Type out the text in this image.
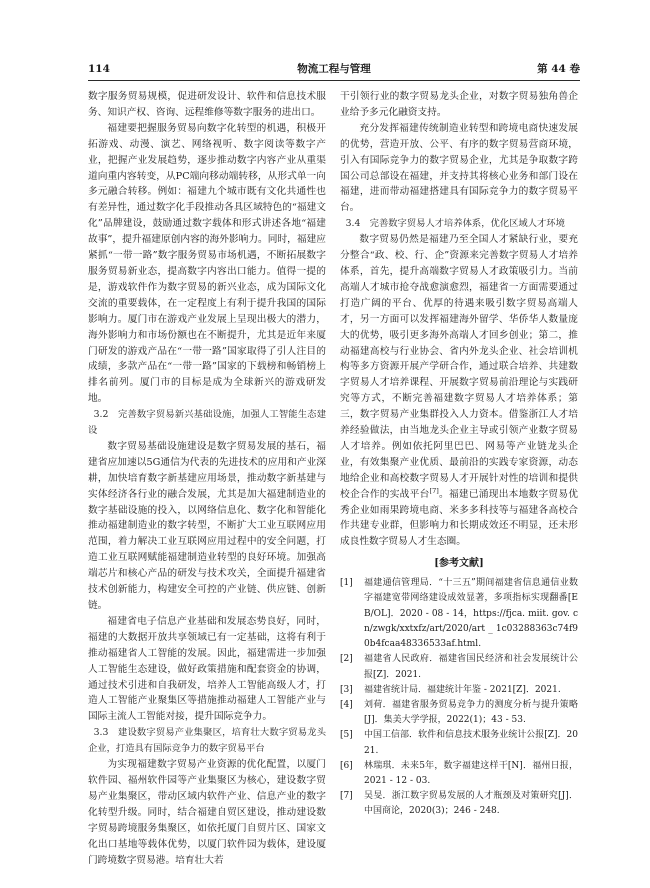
114	物流工程与管理	第 44 卷

数字服务贸易规模，促进研发设计、软件和信息技术服务、知识产权、咨询、远程维修等数字服务的进出口。

福建要把握服务贸易向数字化转型的机遇，积极开拓游戏、动漫、演艺、网络视听、数字阅读等数字产业，把握产业发展趋势，逐步推动数字内容产业从重渠道向重内容转变，从PC端向移动端转移，从形式单一向多元融合转移。例如：福建九个城市既有文化共通性也有差异性，通过数字化手段推动各具区域特色的“福建文化”品牌建设，鼓励通过数字载体和形式讲述各地“福建故事”，提升福建原创内容的海外影响力。同时，福建应紧抓“一带一路”数字服务贸易市场机遇，不断拓展数字服务贸易新业态，提高数字内容出口能力。值得一提的是，游戏软件作为数字贸易的新兴业态，成为国际文化交流的重要载体，在一定程度上有利于提升我国的国际影响力。厦门市在游戏产业发展上呈现出极大的潜力，海外影响力和市场份额也在不断提升，尤其是近年来厦门研发的游戏产品在“一带一路”国家取得了引人注目的成绩，多款产品在“一带一路”国家的下载榜和畅销榜上排名前列。厦门市的目标是成为全球新兴的游戏研发地。

3.2　完善数字贸易新兴基础设施，加强人工智能生态建设

数字贸易基础设施建设是数字贸易发展的基石，福建省应加速以5G通信为代表的先进技术的应用和产业深耕，加快培育数字新基建应用场景，推动数字新基建与实体经济各行业的融合发展，尤其是加大福建制造业的数字基础设施的投入，以网络信息化、数字化和智能化推动福建制造业的数字转型，不断扩大工业互联网应用范围，着力解决工业互联网应用过程中的安全问题，打造工业互联网赋能福建制造业转型的良好环境。加强高端芯片和核心产品的研发与技术攻关，全面提升福建省技术创新能力，构建安全可控的产业链、供应链、创新链。

福建省电子信息产业基础和发展态势良好，同时，福建的大数据开放共享领域已有一定基础，这将有利于推动福建省人工智能的发展。因此，福建需进一步加强人工智能生态建设，做好政策措施和配套资金的协调，通过技术引进和自我研发，培养人工智能高级人才，打造人工智能产业聚集区等措施推动福建人工智能产业与国际主流人工智能对接，提升国际竞争力。

3.3　建设数字贸易产业集聚区，培育壮大数字贸易龙头企业，打造具有国际竞争力的数字贸易平台

为实现福建数字贸易产业资源的优化配置，以厦门软件园、福州软件园等产业集聚区为核心，建设数字贸易产业集聚区，带动区域内软件产业、信息产业的数字化转型升级。同时，结合福建自贸区建设，推动建设数字贸易跨境服务集聚区，如依托厦门自贸片区、国家文化出口基地等载体优势，以厦门软件园为载体，建设厦门跨境数字贸易港。培育壮大若

干引领行业的数字贸易龙头企业，对数字贸易独角兽企业给予多元化融资支持。

充分发挥福建传统制造业转型和跨境电商快速发展的优势，营造开放、公平、有序的数字贸易营商环境，引入有国际竞争力的数字贸易企业，尤其是争取数字跨国公司总部设在福建，并支持其将核心业务和部门设在福建，进而带动福建搭建具有国际竞争力的数字贸易平台。

3.4　完善数字贸易人才培养体系，优化区域人才环境

数字贸易仍然是福建乃至全国人才紧缺行业，要充分整合“政、校、行、企”资源来完善数字贸易人才培养体系，首先，提升高端数字贸易人才政策吸引力。当前高端人才城市抢夺战愈演愈烈，福建省一方面需要通过打造广阔的平台、优厚的待遇来吸引数字贸易高端人才，另一方面可以发挥福建海外留学、华侨华人数量庞大的优势，吸引更多海外高端人才回乡创业；第二，推动福建高校与行业协会、省内外龙头企业、社会培训机构等多方资源开展产学研合作，通过联合培养、共建数字贸易人才培养课程、开展数字贸易前沿理论与实践研究等方式，不断完善福建数字贸易人才培养体系；第三，数字贸易产业集群投入人力资本。借鉴浙江人才培养经验做法，由当地龙头企业主导或引领产业数字贸易人才培养。例如依托阿里巴巴、网易等产业链龙头企业，有效集聚产业优质、最前沿的实践专家资源，动态地给企业和高校数字贸易人才开展针对性的培训和提供校企合作的实战平台[7]。福建已涌现出本地数字贸易优秀企业如雨果跨境电商、米多多科技等与福建各高校合作共建专业群，但影响力和长期成效还不明显，还未形成良性数字贸易人才生态圈。

[参考文献]
[1]	福建通信管理局．“十三五”期间福建省信息通信业数字福建宽带网络建设成效显著，多项指标实现翻番[EB/OL]．2020 - 08 - 14，https://fjca. miit. gov. cn/zwgk/xxtxfz/art/2020/art _ 1c03288363c74f90b4fcaa48336533af.html.
[2]	福建省人民政府．福建省国民经济和社会发展统计公报[Z]．2021.
[3]	福建省统计局．福建统计年鉴 - 2021[Z]．2021.
[4]	刘荷．福建省服务贸易竞争力的测度分析与提升策略[J]．集美大学学报，2022(1)；43 - 53.
[5]	中国工信部．软件和信息技术服务业统计公报[Z]．2021.
[6]	林瑞琪．未来5年，数字福建这样干[N]．福州日报，2021 - 12 - 03.
[7]	吴旻．浙江数字贸易发展的人才瓶颈及对策研究[J]．中国商论，2020(3)；246 - 248.
